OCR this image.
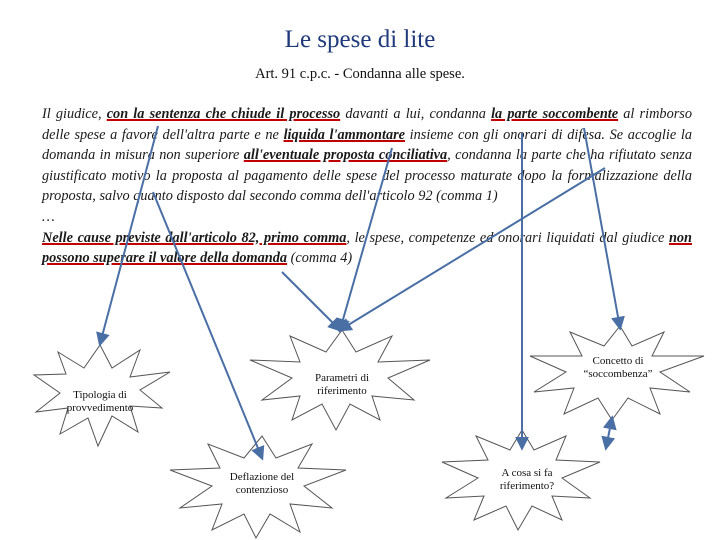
Le spese di lite
Art. 91 c.p.c. - Condanna alle spese.
Il giudice, con la sentenza che chiude il processo davanti a lui, condanna la parte soccombente al rimborso delle spese a favore dell'altra parte e ne liquida l'ammontare insieme con gli onorari di difesa. Se accoglie la domanda in misura non superiore all'eventuale proposta conciliativa, condanna la parte che ha rifiutato senza giustificato motivo la proposta al pagamento delle spese del processo maturate dopo la formalizzazione della proposta, salvo quanto disposto dal secondo comma dell'articolo 92 (comma 1)
…
Nelle cause previste dall'articolo 82, primo comma, le spese, competenze ed onorari liquidati dal giudice non possono superare il valore della domanda (comma 4)
Tipologia di
provvedimento
Parametri di
riferimento
Concetto di
“soccombenza”
Deflazione del
contenzioso
A cosa si fa
riferimento?
